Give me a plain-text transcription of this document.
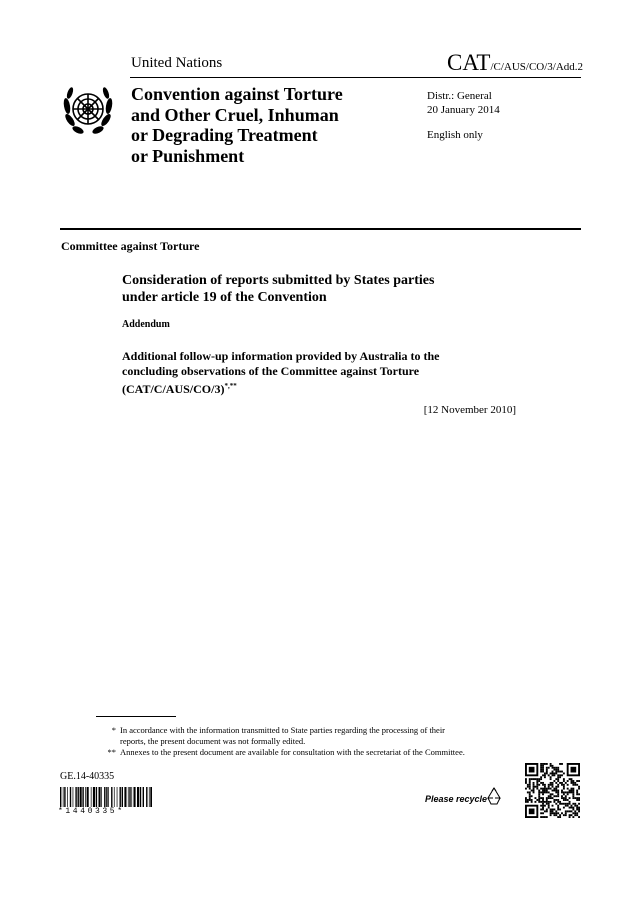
United Nations	CAT/C/AUS/CO/3/Add.2
Convention against Torture
and Other Cruel, Inhuman
or Degrading Treatment
or Punishment
Distr.: General
20 January 2014
English only
Committee against Torture
Consideration of reports submitted by States parties
under article 19 of the Convention
Addendum
Additional follow-up information provided by Australia to the
concluding observations of the Committee against Torture
(CAT/C/AUS/CO/3)*,**
[12 November 2010]
* In accordance with the information transmitted to State parties regarding the processing of their
reports, the present document was not formally edited.
** Annexes to the present document are available for consultation with the secretariat of the Committee.
GE.14-40335
*1440335*
Please recycle
